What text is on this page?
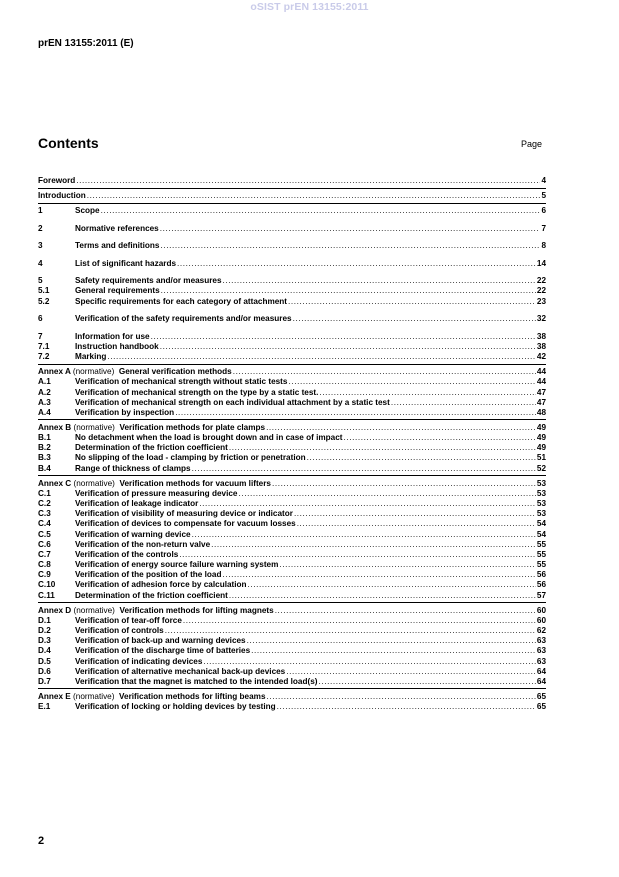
oSIST prEN 13155:2011
prEN 13155:2011 (E)
Contents	Page
Foreword .....	4
Introduction .....	5
1	Scope .....	6
2	Normative references .....	7
3	Terms and definitions .....	8
4	List of significant hazards .....	14
5	Safety requirements and/or measures .....	22
5.1	General requirements .....	22
5.2	Specific requirements for each category of attachment .....	23
6	Verification of the safety requirements and/or measures .....	32
7	Information for use .....	38
7.1	Instruction handbook .....	38
7.2	Marking .....	42
Annex A (normative) General verification methods .....	44
A.1	Verification of mechanical strength without static tests .....	44
A.2	Verification of mechanical strength on the type by a static test. .....	47
A.3	Verification of mechanical strength on each individual attachment by a static test .....	47
A.4	Verification by inspection .....	48
Annex B (normative) Verification methods for plate clamps .....	49
B.1	No detachment when the load is brought down and in case of impact .....	49
B.2	Determination of the friction coefficient .....	49
B.3	No slipping of the load - clamping by friction or penetration .....	51
B.4	Range of thickness of clamps .....	52
Annex C (normative) Verification methods for vacuum lifters .....	53
C.1	Verification of pressure measuring device .....	53
C.2	Verification of leakage indicator .....	53
C.3	Verification of visibility of measuring device or indicator .....	53
C.4	Verification of devices to compensate for vacuum losses .....	54
C.5	Verification of warning device .....	54
C.6	Verification of the non-return valve .....	55
C.7	Verification of the controls .....	55
C.8	Verification of energy source failure warning system .....	55
C.9	Verification of the position of the load .....	56
C.10	Verification of adhesion force by calculation .....	56
C.11	Determination of the friction coefficient .....	57
Annex D (normative) Verification methods for lifting magnets .....	60
D.1	Verification of tear-off force .....	60
D.2	Verification of controls .....	62
D.3	Verification of back-up and warning devices .....	63
D.4	Verification of the discharge time of batteries .....	63
D.5	Verification of indicating devices .....	63
D.6	Verification of alternative mechanical back-up devices .....	64
D.7	Verification that the magnet is matched to the intended load(s) .....	64
Annex E (normative) Verification methods for lifting beams .....	65
E.1	Verification of locking or holding devices by testing .....	65
2
